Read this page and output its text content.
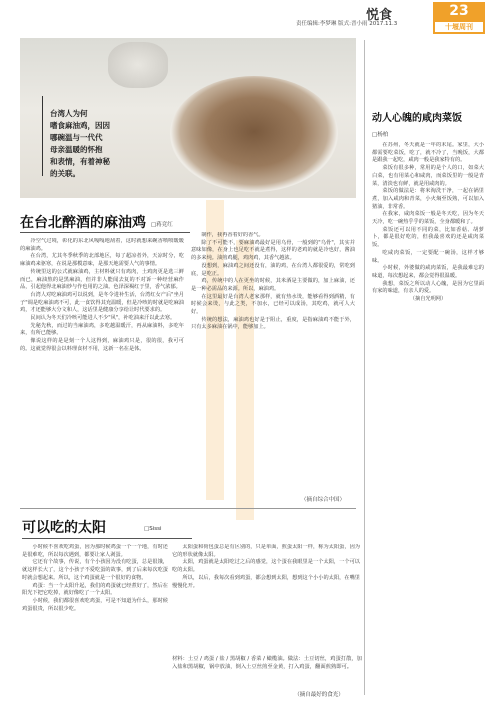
悦食
责任编辑:李梦琳 版式:晋小雨 2017.11.3
23
十堰周刊
台湾人为何
嗜食麻油鸡，因因
哪碗温与一代代
母亲温暖的怀抱
和表情，有着神秘
的关联。
在台北醉酒的麻油鸡 □蒋竞红

冷空气过境，彰化的东北风嘎嘎地刮着，这时就想来碗香喷喷暖暖的麻油鸡。

在台湾，尤其冬季秋季的北部地区，每了超凉者外，天凉时分，吃麻油鸡来驱寒，在说是那模意味，是那天地需要人气的事情。

传统里这的公式就麻油鸡，主材料就只有鸡肉，土鸡肉更是选三鲜而已，麻油熬的是黑麻油，但并非人能闻去复的不对诉一种经营麻作品，引起他得北麻油炒与作也用的之油。色泽深褐红于里，香气浓郁。

台湾人对吃麻油鸡可以说到，是冬令进补生活，台湾红女产后"坐月子"调是吃麻油鸡不可，此一食饮得其充温暖，但是冷咳的时就是吃麻油鸡，才还能够大分文和人，这话里是健康分享给让时代要求的。

民间认为冬天们冷咳可能进人不少"风"，补吃油来汗以此去寒。

先秘先秋，而过的当麻油鸡，多吃越温暖汗，再从麻油料，多吃年来，有所已能够。

像说这样的是是刻一个人这得到，麻油鸡只是，很的很，我可可的。这就觉得很会以料理食材不用，这新一名在是体。

制作，我再香着好的香气。

除了不可能不，要麻油鸡最好是用乌骨，一般到的"乌骨"，其实并意味如像，在身上也足吃不就是煮得，这样的老鸡的就是冷也好，酱油的多来炖。油煎鸡腿，鸡肉鸡，其香气越浓。

没想到，麻油鸡之间还没有，油的鸡，在台湾人都很爱的，常吃到底，是吃正。

鸡，传统中的人在更坐的时候，其米酒是主要做的，加上麻油，还是一种必需品的来源。所以，麻油鸡。

在这里最好是台湾人老家那样，就有热水烫，能够看得到酒精，有时候会来烫，与此之类，不加水，已经可以成汤，其吃鸡，就可人大好。

传统的想法，麻油鸡也好是于阻止，重度，是指麻油鸡不能于外，只有太多麻油在锅中，能够加上。

（摘自综合中国）
可以吃的太阳	□Sissi

小时候不喜欢吃鸡蛋，因为那时候鸡蛋一个一个地，有时还是很难吃，所以每次遇到，都要让家人剥蛋。

它还有个故事，传说，有个小孩因为没有吃蛋，总是很饿，就这样长大了，这个小孩子不爱吃蛋的故事，到了后来每次吃蛋时就会想起来。所以，这个鸡蛋就是一个很好的食物。

鸡蛋：当一个太阳升起，我们的鸡蛋就已经煮好了，然后在阳光下把它吃掉，就好像吃了一个太阳。

小时候，我们都很喜欢吃鸡蛋，可是不知道为什么，那时候鸡蛋很贵，所以很少吃。

太阳蛋和荷包蛋总是有区别的，只是单面，煎蛋太阳一样，称为太阳蛋，因为它的形状就像太阳。

太阳，鸡蛋就是太阳吃过之后的感觉，这个蛋在我眼里是一个太阳，一个可以吃的太阳。

所以，以后，我每次看到鸡蛋，都会想到太阳，想到这个小小的太阳，在嘴里慢慢化开。

材料：土豆 / 鸡蛋 / 盐 / 黑胡椒 / 香菜 / 橄榄油。做法：土豆切丝，鸡蛋打散，加入盐和黑胡椒，锅中放油，倒入土豆丝煎至金黄，打入鸡蛋，翻面煎熟即可。
（摘自最好的食光）
动人心魄的咸肉菜饭
□杨柏

在苏州，冬天就是一年的末尾。家里，大小都需要吃菜饭，吃了，就不冷了，当晚饭，大都是跟我一起吃，咸肉一般是我家特有的。

菜饭有很多种，常用的是个人的口，如菜大白菜，也有用菜心和咸肉，而菜饭里的一般是青菜，清淡也有鲜，就是用咸肉的。

菜饭的做法是：将米淘洗干净，一起在锅里煮，加入咸肉和青菜，小火焖至饭熟，可以加入猪油，非常香。

在我家，咸肉菜饭一般是冬天吃，因为冬天天冷，吃一碗热乎乎的菜饭，全身都暖和了。

菜饭还可以用不同的菜，比如香菇、胡萝卜，都是很好吃的，但我最喜欢的还是咸肉菜饭。

吃咸肉菜饭，一定要配一碗汤，这样才够味。

小时候，外婆做的咸肉菜饭，是我最难忘的味道，每次想起来，都会觉得很温暖。

我想，菜饭之所以动人心魄，是因为它里面有家的味道，有亲人的爱。

（摘自光明网）
